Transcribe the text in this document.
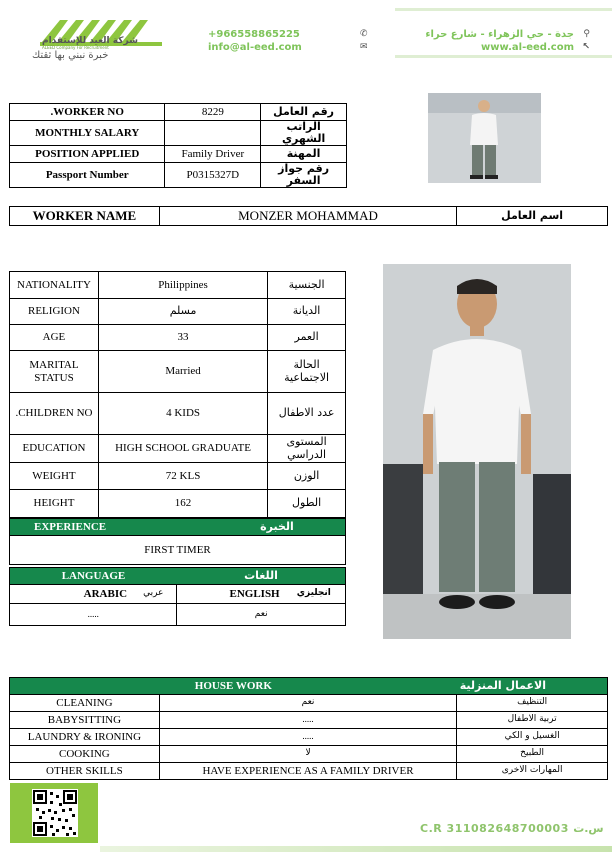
شركة العيد للإستقدام
ALEED Company For Recruitment
خبرة نبني بها ثقتك
+966558865225	✆	جدة - حي الزهراء - شارع حراء ⚲
info@al-eed.com	✉	www.al-eed.com ↖
.WORKER NO	8229	رقم العامل
MONTHLY SALARY		الراتب الشهري
POSITION APPLIED	Family Driver	المهنة
Passport Number	P0315327D	رقم جواز السفر
WORKER NAME	MONZER MOHAMMAD	اسم العامل
NATIONALITY	Philippines	الجنسية
RELIGION	مسلم	الديانة
AGE	33	العمر
MARITAL STATUS	Married	الحالة الاجتماعية
.CHILDREN NO	4 KIDS	عدد الاطفال
EDUCATION	HIGH SCHOOL GRADUATE	المستوى الدراسي
WEIGHT	72 KLS	الوزن
HEIGHT	162	الطول
EXPERIENCE	الخبرة
FIRST TIMER
LANGUAGE		اللغات	
ARABIC	عربي	ENGLISH	انجليزي
.....		نعم	
HOUSE WORK		الاعمال المنزلية
CLEANING	نعم	التنظيف
BABYSITTING	.....	تربية الاطفال
LAUNDRY & IRONING	.....	الغسيل و الكي
COOKING	لا	الطبيخ
OTHER SKILLS	HAVE EXPERIENCE AS A FAMILY DRIVER	المهارات الاخرى
C.R 311082648700003 س.ت
